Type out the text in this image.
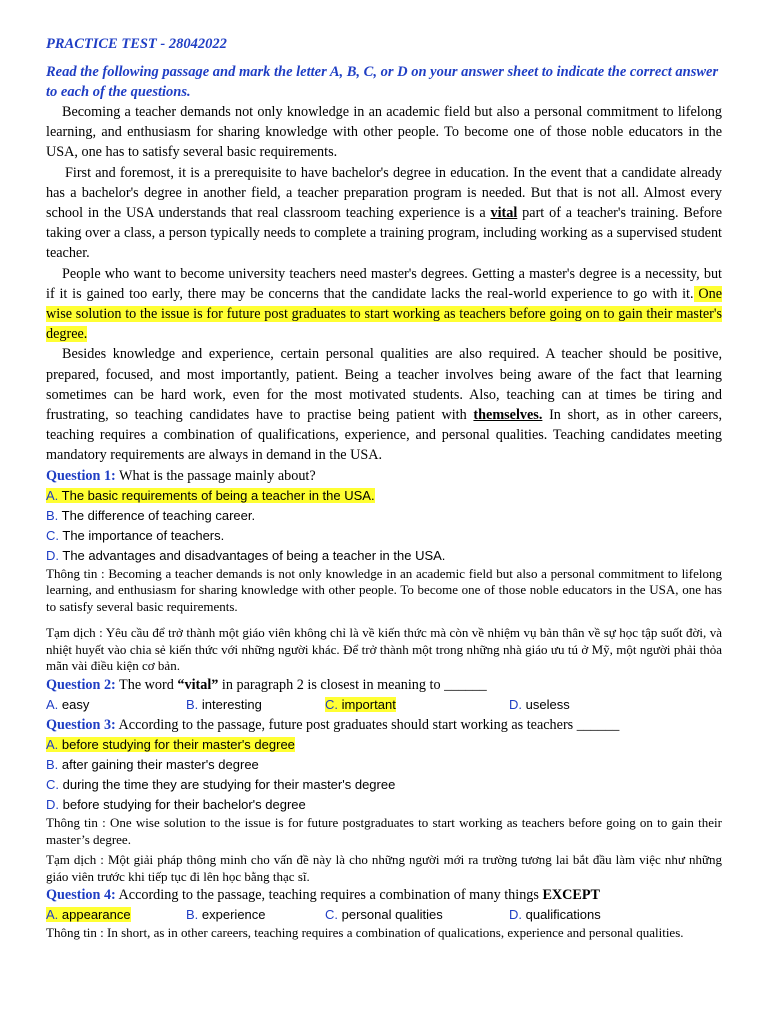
PRACTICE TEST - 28042022

Read the following passage and mark the letter A, B, C, or D on your answer sheet to indicate the correct answer to each of the questions.

Becoming a teacher demands not only knowledge in an academic field but also a personal commitment to lifelong learning, and enthusiasm for sharing knowledge with other people. To become one of those noble educators in the USA, one has to satisfy several basic requirements.

First and foremost, it is a prerequisite to have bachelor's degree in education. In the event that a candidate already has a bachelor's degree in another field, a teacher preparation program is needed. But that is not all. Almost every school in the USA understands that real classroom teaching experience is a vital part of a teacher's training. Before taking over a class, a person typically needs to complete a training program, including working as a supervised student teacher.

People who want to become university teachers need master's degrees. Getting a master's degree is a necessity, but if it is gained too early, there may be concerns that the candidate lacks the real-world experience to go with it. One wise solution to the issue is for future post graduates to start working as teachers before going on to gain their master's degree.

Besides knowledge and experience, certain personal qualities are also required. A teacher should be positive, prepared, focused, and most importantly, patient. Being a teacher involves being aware of the fact that learning sometimes can be hard work, even for the most motivated students. Also, teaching can at times be tiring and frustrating, so teaching candidates have to practise being patient with themselves. In short, as in other careers, teaching requires a combination of qualifications, experience, and personal qualities. Teaching candidates meeting mandatory requirements are always in demand in the USA.

Question 1: What is the passage mainly about?

A. The basic requirements of being a teacher in the USA.

B. The difference of teaching career.

C. The importance of teachers.

D. The advantages and disadvantages of being a teacher in the USA.

Thông tin : Becoming a teacher demands is not only knowledge in an academic field but also a personal commitment to lifelong learning, and enthusiasm for sharing knowledge with other people. To become one of those noble educators in the USA, one has to satisfy several basic requirements.

Tạm dịch : Yêu cầu để trở thành một giáo viên không chỉ là về kiến thức mà còn về nhiệm vụ bản thân về sự học tập suốt đời, và nhiệt huyết vào chia sẻ kiến thức với những người khác. Để trở thành một trong những nhà giáo ưu tú ở Mỹ, một người phải thỏa mãn vài điều kiện cơ bản.

Question 2: The word “vital” in paragraph 2 is closest in meaning to ______

A. easy	B. interesting	C. important	D. useless

Question 3: According to the passage, future post graduates should start working as teachers ______

A. before studying for their master's degree

B. after gaining their master's degree

C. during the time they are studying for their master's degree

D. before studying for their bachelor's degree

Thông tin : One wise solution to the issue is for future postgraduates to start working as teachers before going on to gain their master’s degree.

Tạm dịch : Một giải pháp thông minh cho vấn đề này là cho những người mới ra trường tương lai bắt đầu làm việc như những giáo viên trước khi tiếp tục đi lên học bằng thạc sĩ.

Question 4: According to the passage, teaching requires a combination of many things EXCEPT

A. appearance	B. experience	C. personal qualities	D. qualifications

Thông tin : In short, as in other careers, teaching requires a combination of qualications, experience and personal qualities.
